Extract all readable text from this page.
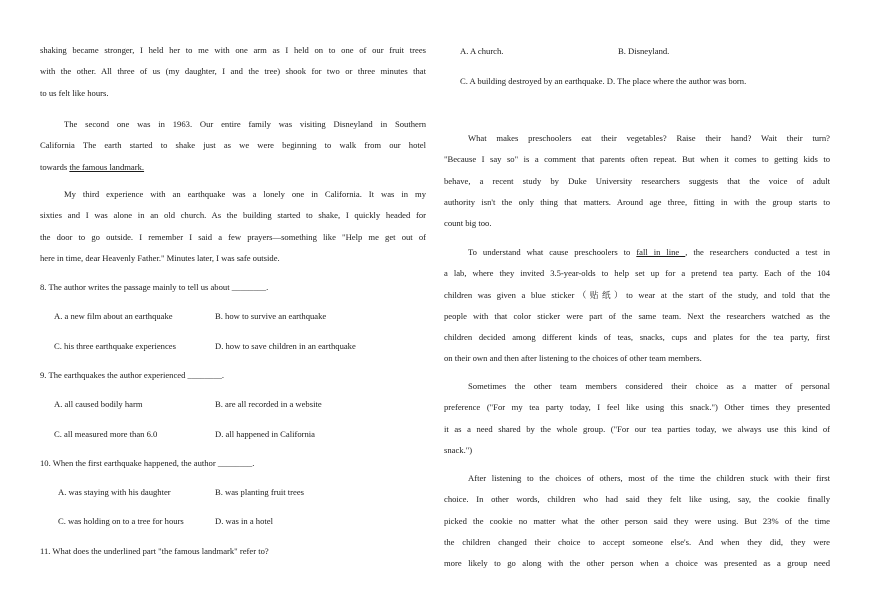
shaking became stronger, I held her to me with one arm as I held on to one of our fruit trees
with the other. All three of us (my daughter, I and the tree) shook for two or three minutes that
to us felt like hours.
The second one was in 1963. Our entire family was visiting Disneyland in Southern
California The earth started to shake just as we were beginning to walk from our hotel
towards the famous landmark.
My third experience with an earthquake was a lonely one in California. It was in my
sixties and I was alone in an old church. As the building started to shake, I quickly headed for
the door to go outside. I remember I said a few prayers—something like "Help me get out of
here in time, dear Heavenly Father." Minutes later, I was safe outside.
8. The author writes the passage mainly to tell us about ________.
A. a new film about an earthquake	B. how to survive an earthquake
C. his three earthquake experiences	D. how to save children in an earthquake
9. The earthquakes the author experienced ________.
A. all caused bodily harm	B. are all recorded in a website
C. all measured more than 6.0	D. all happened in California
10. When the first earthquake happened, the author ________.
A. was staying with his daughter	B. was planting fruit trees
C. was holding on to a tree for hours	D. was in a hotel
11. What does the underlined part "the famous landmark" refer to?
A. A church.	B. Disneyland.
C. A building destroyed by an earthquake. D. The place where the author was born.
What makes preschoolers eat their vegetables? Raise their hand? Wait their turn?
"Because I say so" is a comment that parents often repeat. But when it comes to getting kids to
behave, a recent study by Duke University researchers suggests that the voice of adult
authority isn't the only thing that matters. Around age three, fitting in with the group starts to
count big too.
To understand what cause preschoolers to fall in line , the researchers conducted a test in
a lab, where they invited 3.5-year-olds to help set up for a pretend tea party. Each of the 104
children was given a blue sticker（贴纸）to wear at the start of the study, and told that the
people with that color sticker were part of the same team. Next the researchers watched as the
children decided among different kinds of teas, snacks, cups and plates for the tea party, first
on their own and then after listening to the choices of other team members.
Sometimes the other team members considered their choice as a matter of personal
preference ("For my tea party today, I feel like using this snack.") Other times they presented
it as a need shared by the whole group. ("For our tea parties today, we always use this kind of
snack.")
After listening to the choices of others, most of the time the children stuck with their first
choice. In other words, children who had said they felt like using, say, the cookie finally
picked the cookie no matter what the other person said they were using. But 23% of the time
the children changed their choice to accept someone else's. And when they did, they were
more likely to go along with the other person when a choice was presented as a group need
